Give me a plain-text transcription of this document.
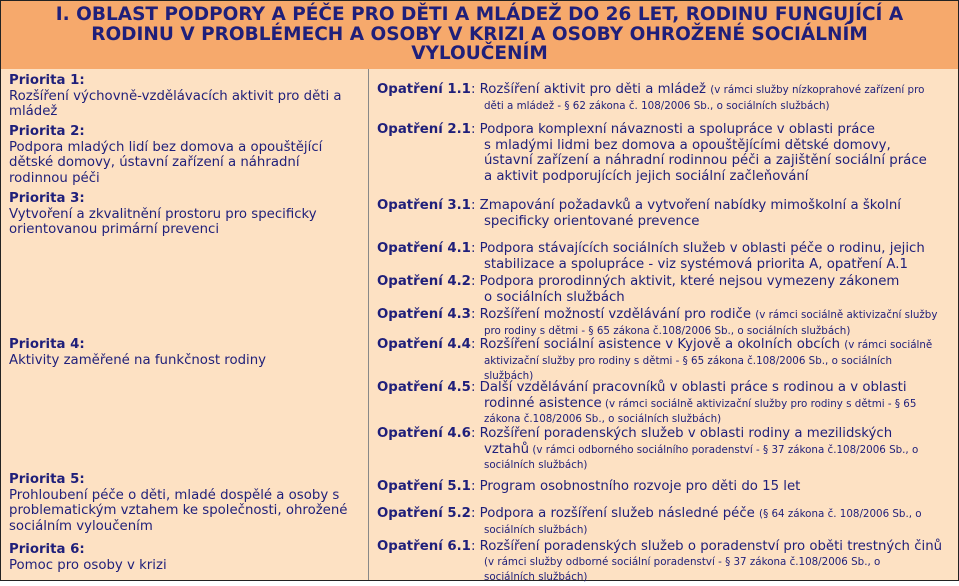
I. OBLAST PODPORY A PÉČE PRO DĚTI A MLÁDEŽ DO 26 LET, RODINU FUNGUJÍCÍ A
RODINU V PROBLÉMECH A OSOBY V KRIZI A OSOBY OHROŽENÉ SOCIÁLNÍM
VYLOUČENÍM
Priorita 1:
Rozšíření výchovně-vzdělávacích aktivit pro děti a
mládež
Priorita 2:
Podpora mladých lidí bez domova a opouštějící
dětské domovy, ústavní zařízení a náhradní
rodinnou péči
Priorita 3:
Vytvoření a zkvalitnění prostoru pro specificky
orientovanou primární prevenci
Priorita 4:
Aktivity zaměřené na funkčnost rodiny
Priorita 5:
Prohloubení péče o děti, mladé dospělé a osoby s
problematickým vztahem ke společnosti, ohrožené
sociálním vyloučením
Priorita 6:
Pomoc pro osoby v krizi
Opatření 1.1: Rozšíření aktivit pro děti a mládež (v rámci služby nízkoprahové zařízení pro
děti a mládež - § 62 zákona č. 108/2006 Sb., o sociálních službách)
Opatření 2.1: Podpora komplexní návaznosti a spolupráce v oblasti práce
s mladými lidmi bez domova a opouštějícími dětské domovy,
ústavní zařízení a náhradní rodinnou péči a zajištění sociální práce
a aktivit podporujících jejich sociální začleňování
Opatření 3.1: Zmapování požadavků a vytvoření nabídky mimoškolní a školní
specificky orientované prevence
Opatření 4.1: Podpora stávajících sociálních služeb v oblasti péče o rodinu, jejich
stabilizace a spolupráce - viz systémová priorita A, opatření A.1
Opatření 4.2: Podpora prorodinných aktivit, které nejsou vymezeny zákonem
o sociálních službách
Opatření 4.3: Rozšíření možností vzdělávání pro rodiče (v rámci sociálně aktivizační služby
pro rodiny s dětmi - § 65 zákona č.108/2006 Sb., o sociálních službách)
Opatření 4.4: Rozšíření sociální asistence v Kyjově a okolních obcích (v rámci sociálně
aktivizační služby pro rodiny s dětmi - § 65 zákona č.108/2006 Sb., o sociálních
službách)
Opatření 4.5: Další vzdělávání pracovníků v oblasti práce s rodinou a v oblasti
rodinné asistence (v rámci sociálně aktivizační služby pro rodiny s dětmi - § 65
zákona č.108/2006 Sb., o sociálních službách)
Opatření 4.6: Rozšíření poradenských služeb v oblasti rodiny a mezilidských
vztahů (v rámci odborného sociálního poradenství - § 37 zákona č.108/2006 Sb., o
sociálních službách)
Opatření 5.1: Program osobnostního rozvoje pro děti do 15 let
Opatření 5.2: Podpora a rozšíření služeb následné péče (§ 64 zákona č. 108/2006 Sb., o
sociálních službách)
Opatření 6.1: Rozšíření poradenských služeb o poradenství pro oběti trestných činů
(v rámci služby odborné sociální poradenství - § 37 zákona č.108/2006 Sb., o
sociálních službách)
